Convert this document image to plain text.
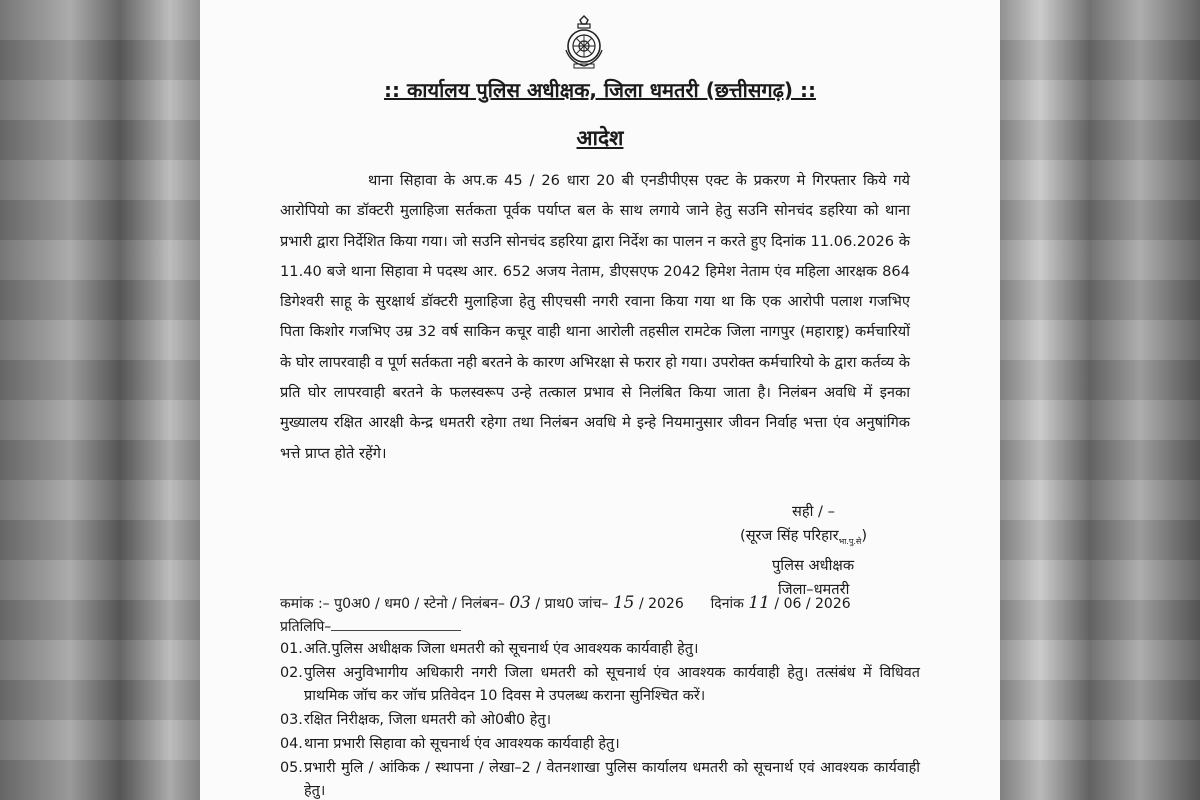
:: कार्यालय पुलिस अधीक्षक, जिला धमतरी (छत्तीसगढ़) ::
आदेश

थाना सिहावा के अप.क 45 / 26 धारा 20 बी एनडीपीएस एक्ट के प्रकरण मे गिरफ्तार किये गये आरोपियो का डॉक्टरी मुलाहिजा सर्तकता पूर्वक पर्याप्त बल के साथ लगाये जाने हेतु सउनि सोनचंद डहरिया को थाना प्रभारी द्वारा निर्देशित किया गया। जो सउनि सोनचंद डहरिया द्वारा निर्देश का पालन न करते हुए दिनांक 11.06.2026 के 11.40 बजे थाना सिहावा मे पदस्थ आर. 652 अजय नेताम, डीएसएफ 2042 हिमेश नेताम एंव महिला आरक्षक 864 डिगेश्वरी साहू के सुरक्षार्थ डॉक्टरी मुलाहिजा हेतु सीएचसी नगरी रवाना किया गया था कि एक आरोपी पलाश गजभिए पिता किशोर गजभिए उम्र 32 वर्ष साकिन कचूर वाही थाना आरोली तहसील रामटेक जिला नागपुर (महाराष्ट्र) कर्मचारियों के घोर लापरवाही व पूर्ण सर्तकता नही बरतने के कारण अभिरक्षा से फरार हो गया। उपरोक्त कर्मचारियो के द्वारा कर्तव्य के प्रति घोर लापरवाही बरतने के फलस्वरूप उन्हे तत्काल प्रभाव से निलंबित किया जाता है। निलंबन अवधि में इनका मुख्यालय रक्षित आरक्षी केन्द्र धमतरी रहेगा तथा निलंबन अवधि मे इन्हे नियमानुसार जीवन निर्वाह भत्ता एंव अनुषांगिक भत्ते प्राप्त होते रहेंगे।

सही / –
(सूरज सिंह परिहार$_{भा.पु.से}$)
पुलिस अधीक्षक
जिला–धमतरी
कमांक :– पु0अ0 / धम0 / स्टेनो / निलंबन– 03 / प्राथ0 जांच– 15 / 2026 दिनांक 11 / 06 / 2026
प्रतिलिपि–
01. अति.पुलिस अधीक्षक जिला धमतरी को सूचनार्थ एंव आवश्यक कार्यवाही हेतु।
02. पुलिस अनुविभागीय अधिकारी नगरी जिला धमतरी को सूचनार्थ एंव आवश्यक कार्यवाही हेतु। तत्संबंध में विधिवत प्राथमिक जॉच कर जॉच प्रतिवेदन 10 दिवस मे उपलब्ध कराना सुनिश्चित करें।
03. रक्षित निरीक्षक, जिला धमतरी को ओ0बी0 हेतु।
04. थाना प्रभारी सिहावा को सूचनार्थ एंव आवश्यक कार्यवाही हेतु।
05. प्रभारी मुलि / आंकिक / स्थापना / लेखा–2 / वेतनशाखा पुलिस कार्यालय धमतरी को सूचनार्थ एवं आवश्यक कार्यवाही हेतु।
